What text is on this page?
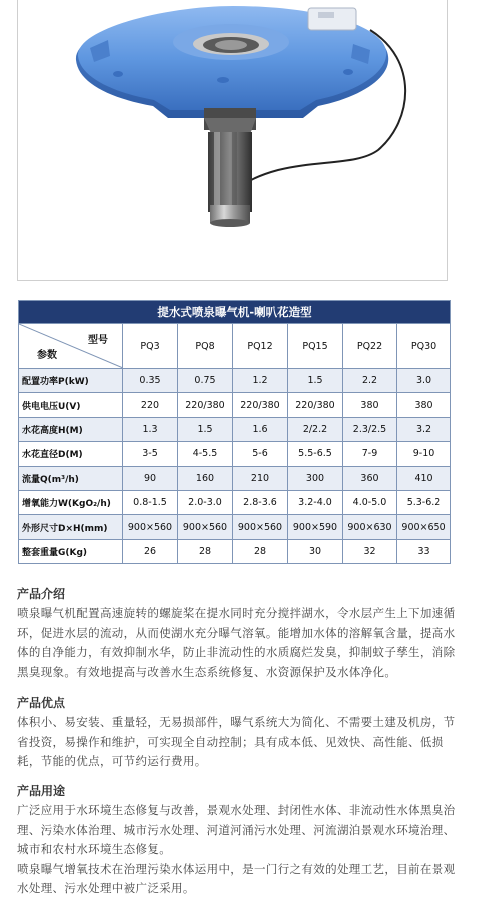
提水式喷泉曝气机-喇叭花造型						

型号
参数	PQ3	PQ8	PQ12	PQ15	PQ22	PQ30
配置功率P(kW)	0.35	0.75	1.2	1.5	2.2	3.0
供电电压U(V)	220	220/380	220/380	220/380	380	380
水花高度H(M)	1.3	1.5	1.6	2/2.2	2.3/2.5	3.2
水花直径D(M)	3-5	4-5.5	5-6	5.5-6.5	7-9	9-10
流量Q(m³/h)	90	160	210	300	360	410
增氧能力W(KgO₂/h)	0.8-1.5	2.0-3.0	2.8-3.6	3.2-4.0	4.0-5.0	5.3-6.2
外形尺寸D×H(mm)	900×560	900×560	900×560	900×590	900×630	900×650
整套重量G(Kg)	26	28	28	30	32	33
产品介绍

喷泉曝气机配置高速旋转的螺旋桨在提水同时充分搅拌湖水，令水层产生上下加速循环，促进水层的流动，从而使湖水充分曝气溶氧。能增加水体的溶解氧含量，提高水体的自净能力，有效抑制水华，防止非流动性的水质腐烂发臭，抑制蚊子孳生，消除黑臭现象。有效地提高与改善水生态系统修复、水资源保护及水体净化。

产品优点

体积小、易安装、重量轻，无易损部件，曝气系统大为简化、不需要土建及机房，节省投资，易操作和维护，可实现全自动控制；具有成本低、见效快、高性能、低损耗，节能的优点，可节约运行费用。

产品用途

广泛应用于水环境生态修复与改善，景观水处理、封闭性水体、非流动性水体黑臭治理、污染水体治理、城市污水处理、河道河涌污水处理、河流湖泊景观水环境治理、城市和农村水环境生态修复。

喷泉曝气增氧技术在治理污染水体运用中，是一门行之有效的处理工艺，目前在景观水处理、污水处理中被广泛采用。
